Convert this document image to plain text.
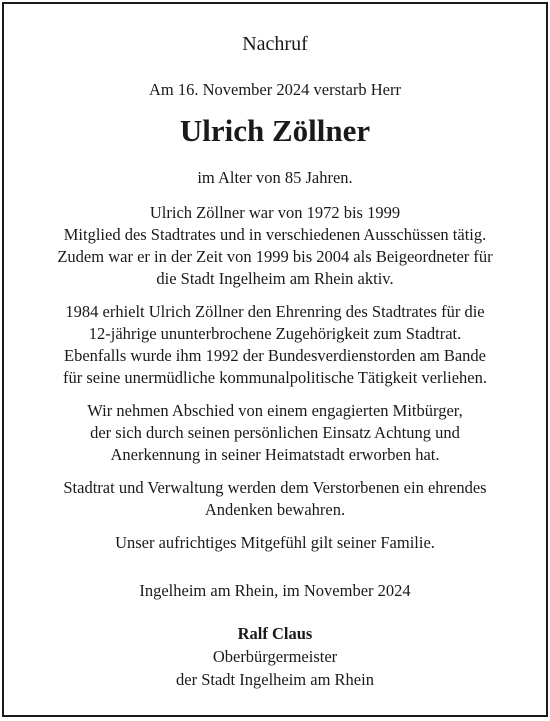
Nachruf
Am 16. November 2024 verstarb Herr
Ulrich Zöllner
im Alter von 85 Jahren.
Ulrich Zöllner war von 1972 bis 1999
Mitglied des Stadtrates und in verschiedenen Ausschüssen tätig.
Zudem war er in der Zeit von 1999 bis 2004 als Beigeordneter für
die Stadt Ingelheim am Rhein aktiv.
1984 erhielt Ulrich Zöllner den Ehrenring des Stadtrates für die
12-jährige ununterbrochene Zugehörigkeit zum Stadtrat.
Ebenfalls wurde ihm 1992 der Bundesverdienstorden am Bande
für seine unermüdliche kommunalpolitische Tätigkeit verliehen.
Wir nehmen Abschied von einem engagierten Mitbürger,
der sich durch seinen persönlichen Einsatz Achtung und
Anerkennung in seiner Heimatstadt erworben hat.
Stadtrat und Verwaltung werden dem Verstorbenen ein ehrendes
Andenken bewahren.
Unser aufrichtiges Mitgefühl gilt seiner Familie.
Ingelheim am Rhein, im November 2024
Ralf Claus
Oberbürgermeister
der Stadt Ingelheim am Rhein
